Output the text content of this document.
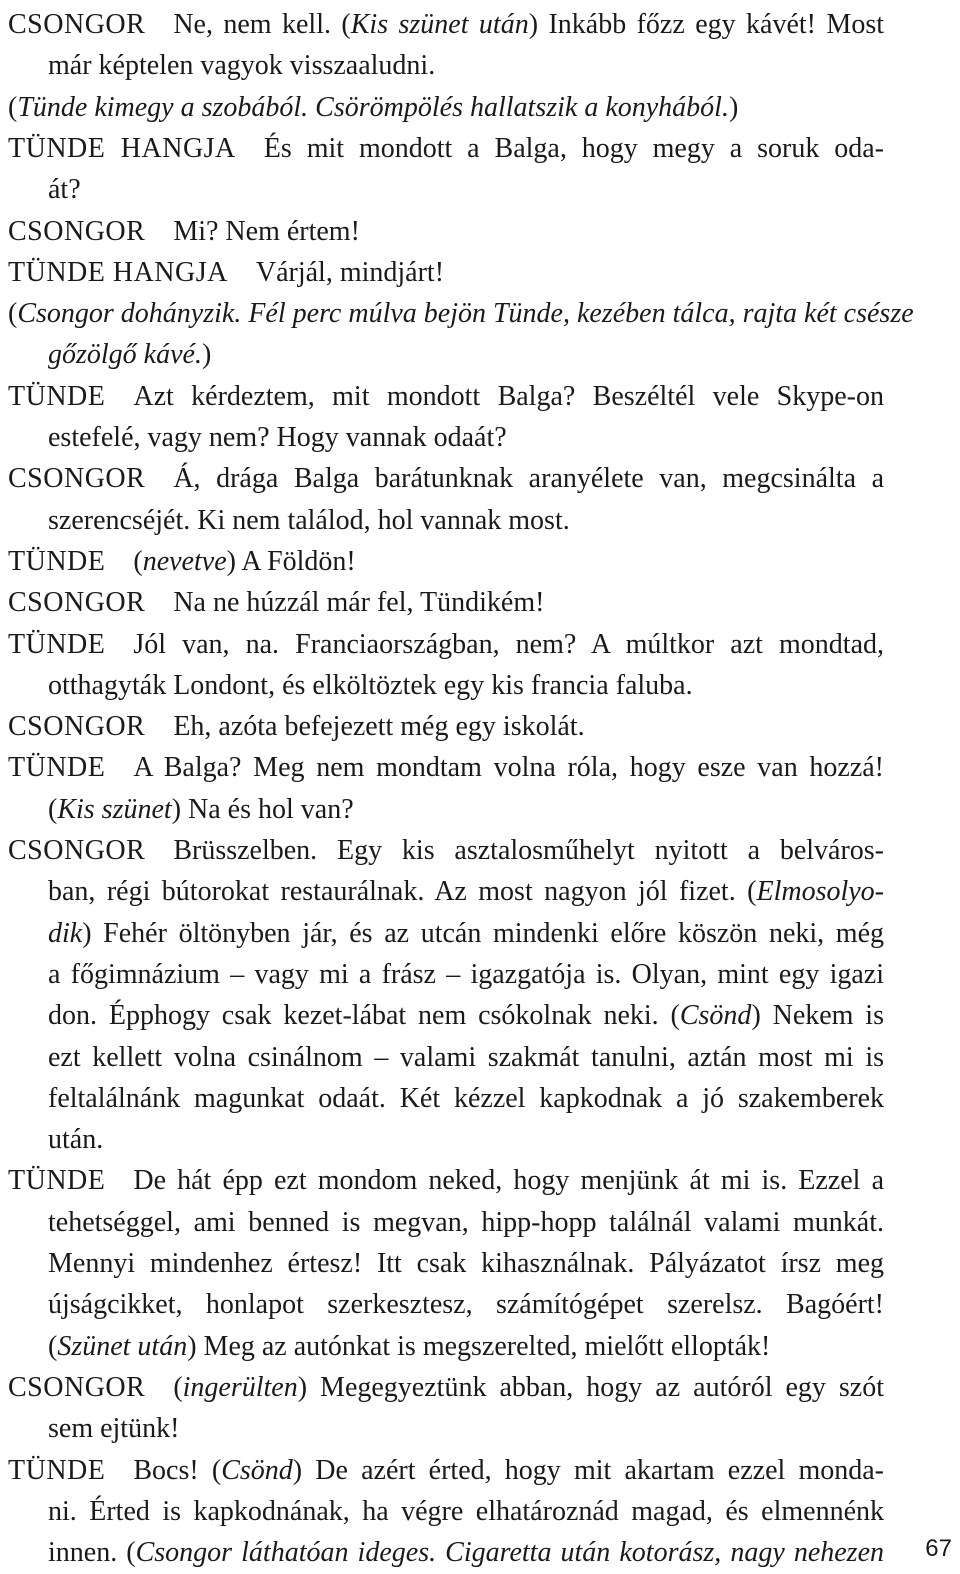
CSONGOR Ne, nem kell. (Kis szünet után) Inkább főzz egy kávét! Most
már képtelen vagyok visszaaludni.
(Tünde kimegy a szobából. Csörömpölés hallatszik a konyhából.)
TÜNDE HANGJA És mit mondott a Balga, hogy megy a soruk oda-
át?
CSONGOR Mi? Nem értem!
TÜNDE HANGJA Várjál, mindjárt!
(Csongor dohányzik. Fél perc múlva bejön Tünde, kezében tálca, rajta két csésze
gőzölgő kávé.)
TÜNDE Azt kérdeztem, mit mondott Balga? Beszéltél vele Skype-on
estefelé, vagy nem? Hogy vannak odaát?
CSONGOR Á, drága Balga barátunknak aranyélete van, megcsinálta a
szerencséjét. Ki nem találod, hol vannak most.
TÜNDE (nevetve) A Földön!
CSONGOR Na ne húzzál már fel, Tündikém!
TÜNDE Jól van, na. Franciaországban, nem? A múltkor azt mondtad,
otthagyták Londont, és elköltöztek egy kis francia faluba.
CSONGOR Eh, azóta befejezett még egy iskolát.
TÜNDE A Balga? Meg nem mondtam volna róla, hogy esze van hozzá!
(Kis szünet) Na és hol van?
CSONGOR Brüsszelben. Egy kis asztalosműhelyt nyitott a belváros-
ban, régi bútorokat restaurálnak. Az most nagyon jól fizet. (Elmosolyo-
dik) Fehér öltönyben jár, és az utcán mindenki előre köszön neki, még
a főgimnázium – vagy mi a frász – igazgatója is. Olyan, mint egy igazi
don. Épphogy csak kezet-lábat nem csókolnak neki. (Csönd) Nekem is
ezt kellett volna csinálnom – valami szakmát tanulni, aztán most mi is
feltalálnánk magunkat odaát. Két kézzel kapkodnak a jó szakemberek
után.
TÜNDE De hát épp ezt mondom neked, hogy menjünk át mi is. Ezzel a
tehetséggel, ami benned is megvan, hipp-hopp találnál valami munkát.
Mennyi mindenhez értesz! Itt csak kihasználnak. Pályázatot írsz meg
újságcikket, honlapot szerkesztesz, számítógépet szerelsz. Bagóért!
(Szünet után) Meg az autónkat is megszerelted, mielőtt ellopták!
CSONGOR (ingerülten) Megegyeztünk abban, hogy az autóról egy szót
sem ejtünk!
TÜNDE Bocs! (Csönd) De azért érted, hogy mit akartam ezzel monda-
ni. Érted is kapkodnának, ha végre elhatároznád magad, és elmennénk
innen. (Csongor láthatóan ideges. Cigaretta után kotorász, nagy nehezen 67
